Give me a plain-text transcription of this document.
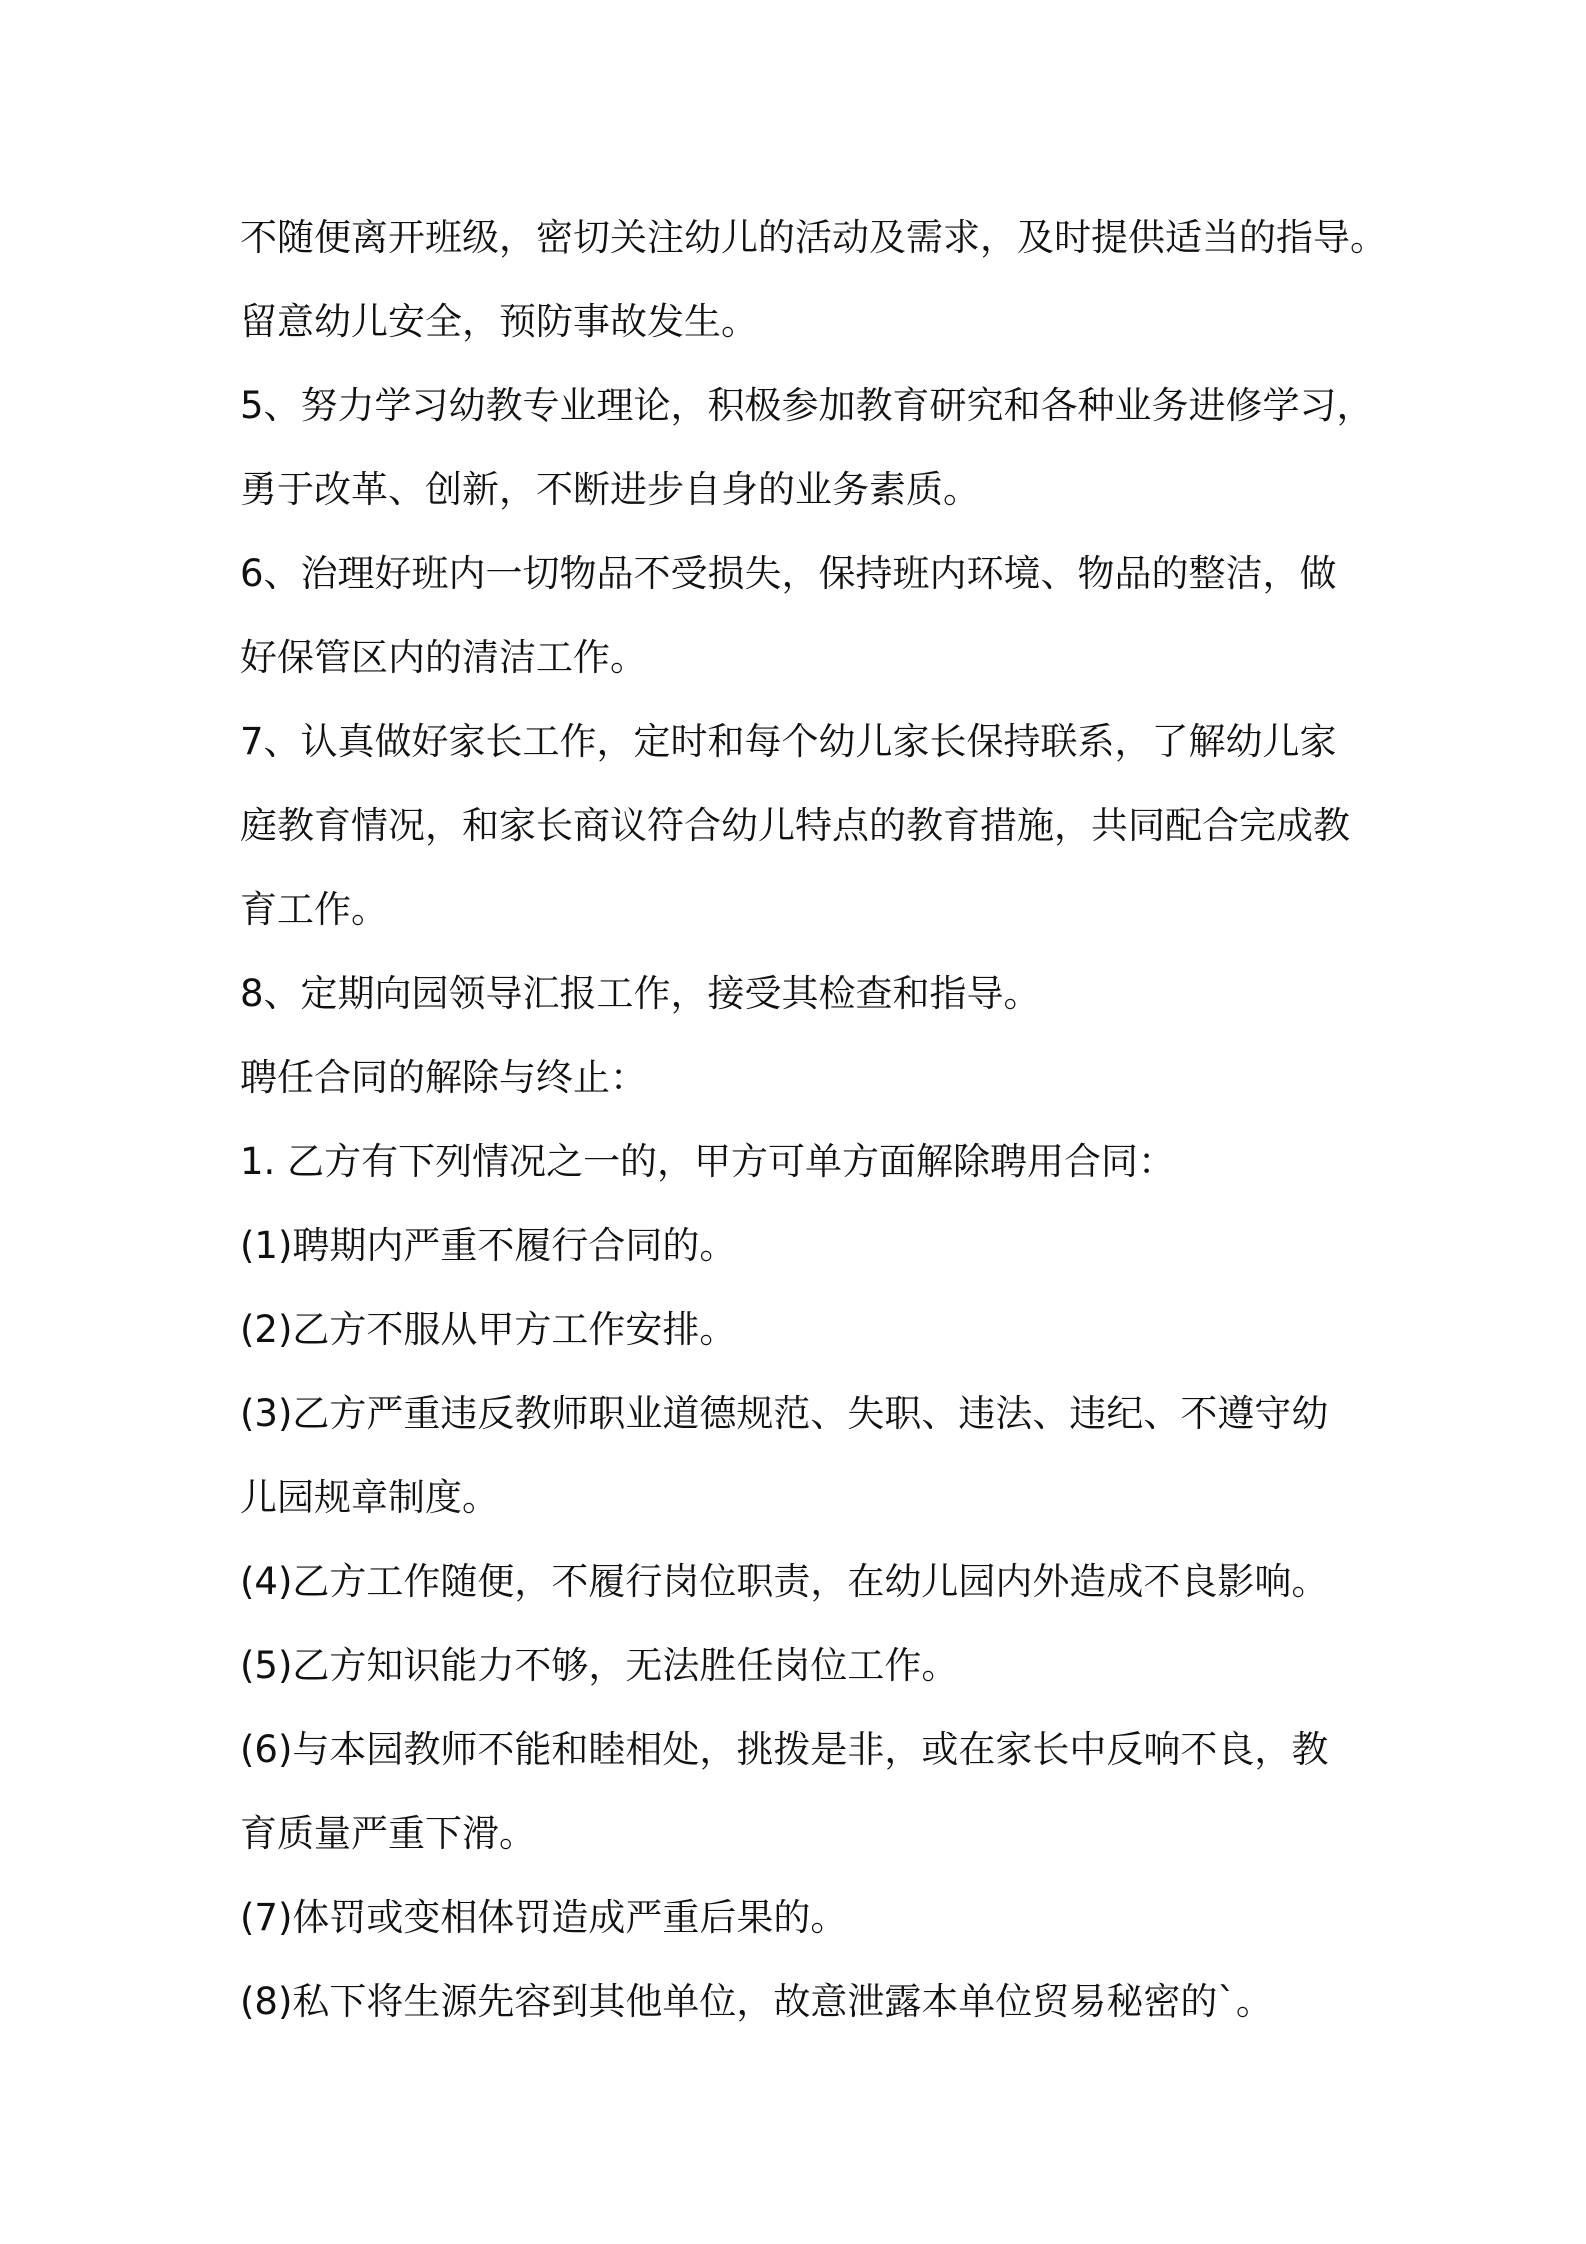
不随便离开班级，密切关注幼儿的活动及需求，及时提供适当的指导。
留意幼儿安全，预防事故发生。
5、努力学习幼教专业理论，积极参加教育研究和各种业务进修学习，
勇于改革、创新，不断进步自身的业务素质。
6、治理好班内一切物品不受损失，保持班内环境、物品的整洁，做
好保管区内的清洁工作。
7、认真做好家长工作，定时和每个幼儿家长保持联系，了解幼儿家
庭教育情况，和家长商议符合幼儿特点的教育措施，共同配合完成教
育工作。
8、定期向园领导汇报工作，接受其检查和指导。
聘任合同的解除与终止：
1. 乙方有下列情况之一的，甲方可单方面解除聘用合同：
(1)聘期内严重不履行合同的。
(2)乙方不服从甲方工作安排。
(3)乙方严重违反教师职业道德规范、失职、违法、违纪、不遵守幼
儿园规章制度。
(4)乙方工作随便，不履行岗位职责，在幼儿园内外造成不良影响。
(5)乙方知识能力不够，无法胜任岗位工作。
(6)与本园教师不能和睦相处，挑拨是非，或在家长中反响不良，教
育质量严重下滑。
(7)体罚或变相体罚造成严重后果的。
(8)私下将生源先容到其他单位，故意泄露本单位贸易秘密的`。
